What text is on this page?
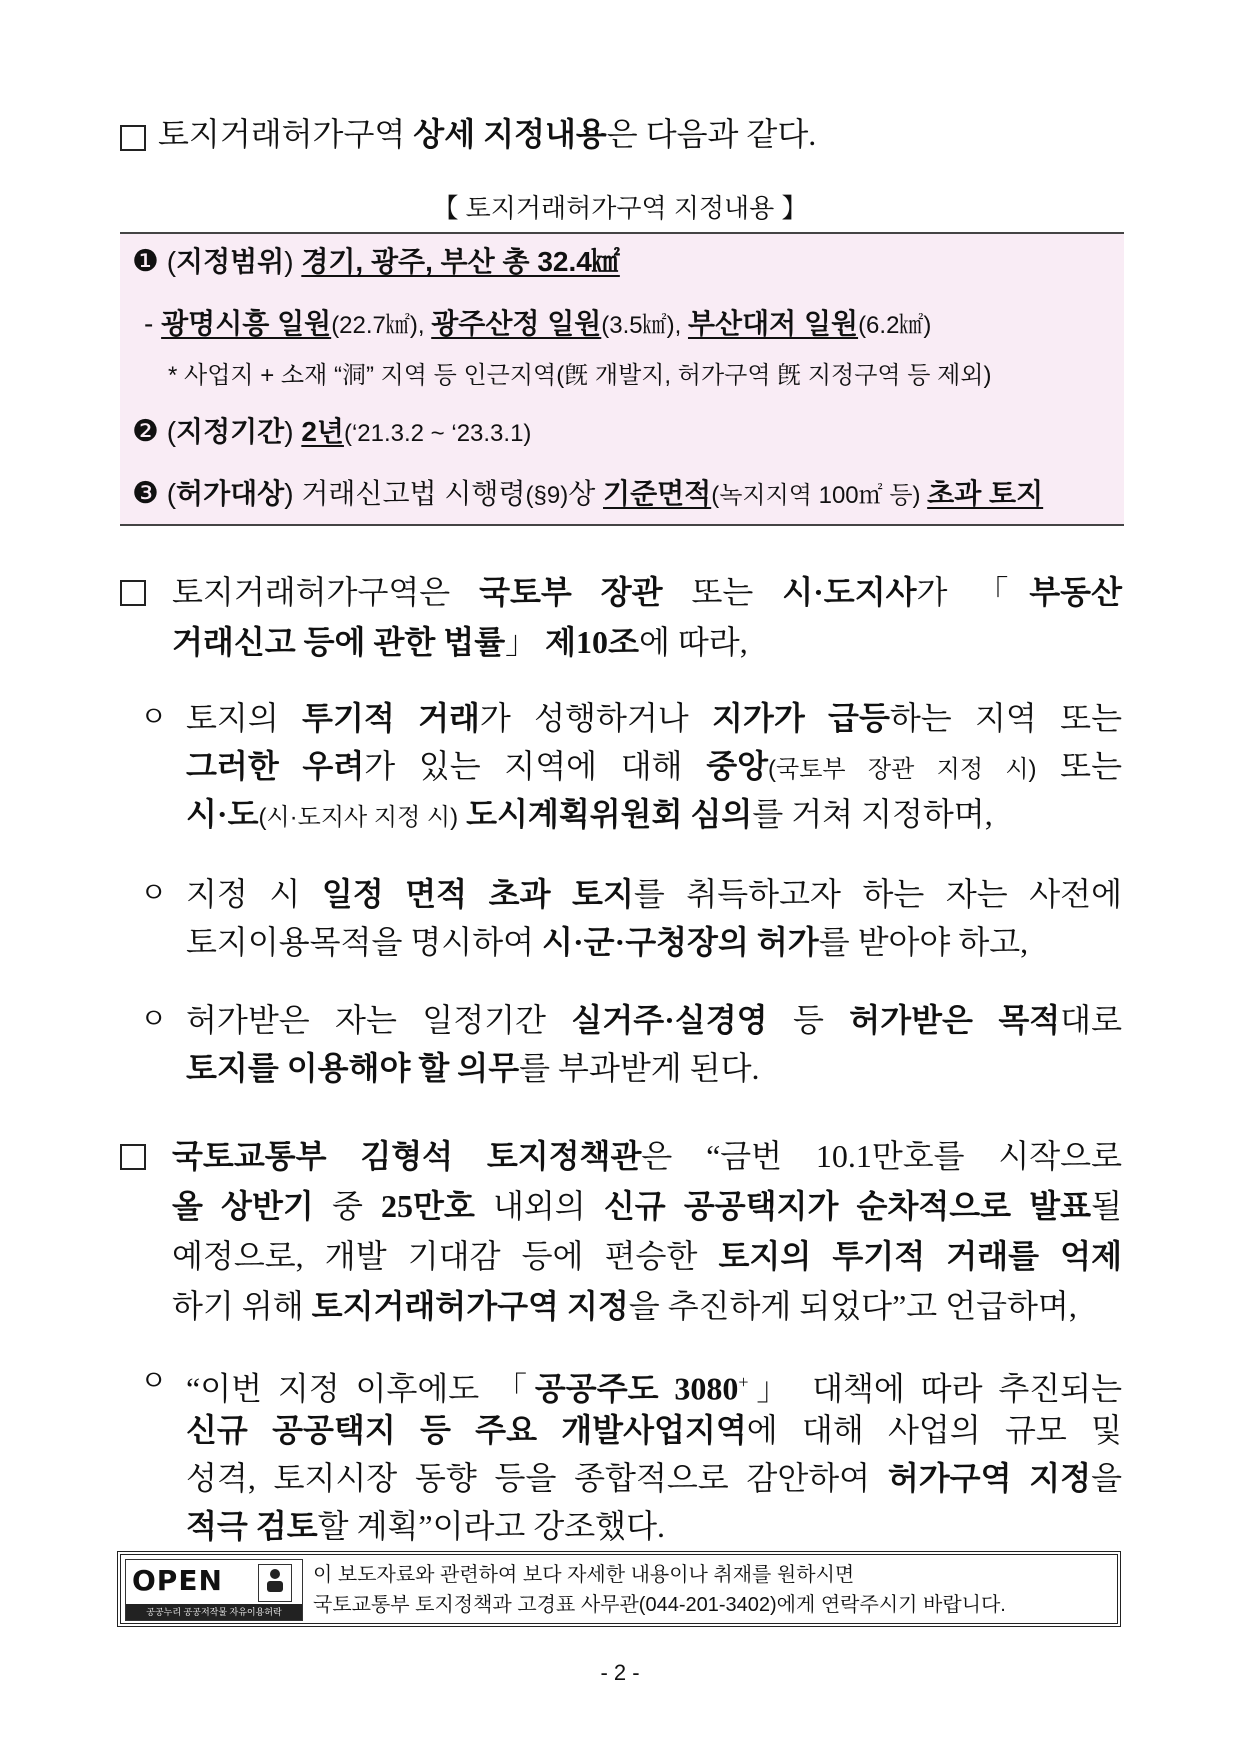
토지거래허가구역 상세 지정내용은 다음과 같다.
【 토지거래허가구역 지정내용 】
❶ (지정범위) 경기, 광주, 부산 총 32.4㎢
- 광명시흥 일원(22.7㎢), 광주산정 일원(3.5㎢), 부산대저 일원(6.2㎢)
* 사업지 + 소재 “洞” 지역 등 인근지역(旣 개발지, 허가구역 旣 지정구역 등 제외)
❷ (지정기간) 2년(‘21.3.2 ~ ‘23.3.1)
❸ (허가대상) 거래신고법 시행령(§9)상 기준면적(녹지지역 100㎡ 등) 초과 토지
토지거래허가구역은 국토부 장관 또는 시·도지사가 「부동산
거래신고 등에 관한 법률」 제10조에 따라,
ㅇ 토지의 투기적 거래가 성행하거나 지가가 급등하는 지역 또는
그러한 우려가 있는 지역에 대해 중앙(국토부 장관 지정 시) 또는
시·도(시·도지사 지정 시) 도시계획위원회 심의를 거쳐 지정하며,
ㅇ 지정 시 일정 면적 초과 토지를 취득하고자 하는 자는 사전에
토지이용목적을 명시하여 시·군·구청장의 허가를 받아야 하고,
ㅇ 허가받은 자는 일정기간 실거주·실경영 등 허가받은 목적대로
토지를 이용해야 할 의무를 부과받게 된다.
국토교통부 김형석 토지정책관은 “금번 10.1만호를 시작으로
올 상반기 중 25만호 내외의 신규 공공택지가 순차적으로 발표될
예정으로, 개발 기대감 등에 편승한 토지의 투기적 거래를 억제
하기 위해 토지거래허가구역 지정을 추진하게 되었다”고 언급하며,
ㅇ “이번 지정 이후에도 「공공주도 3080+」 대책에 따라 추진되는
신규 공공택지 등 주요 개발사업지역에 대해 사업의 규모 및
성격, 토지시장 동향 등을 종합적으로 감안하여 허가구역 지정을
적극 검토할 계획”이라고 강조했다.
OPEN
공공누리 공공저작물 자유이용허락
이 보도자료와 관련하여 보다 자세한 내용이나 취재를 원하시면
국토교통부 토지정책과 고경표 사무관(044-201-3402)에게 연락주시기 바랍니다.
- 2 -
